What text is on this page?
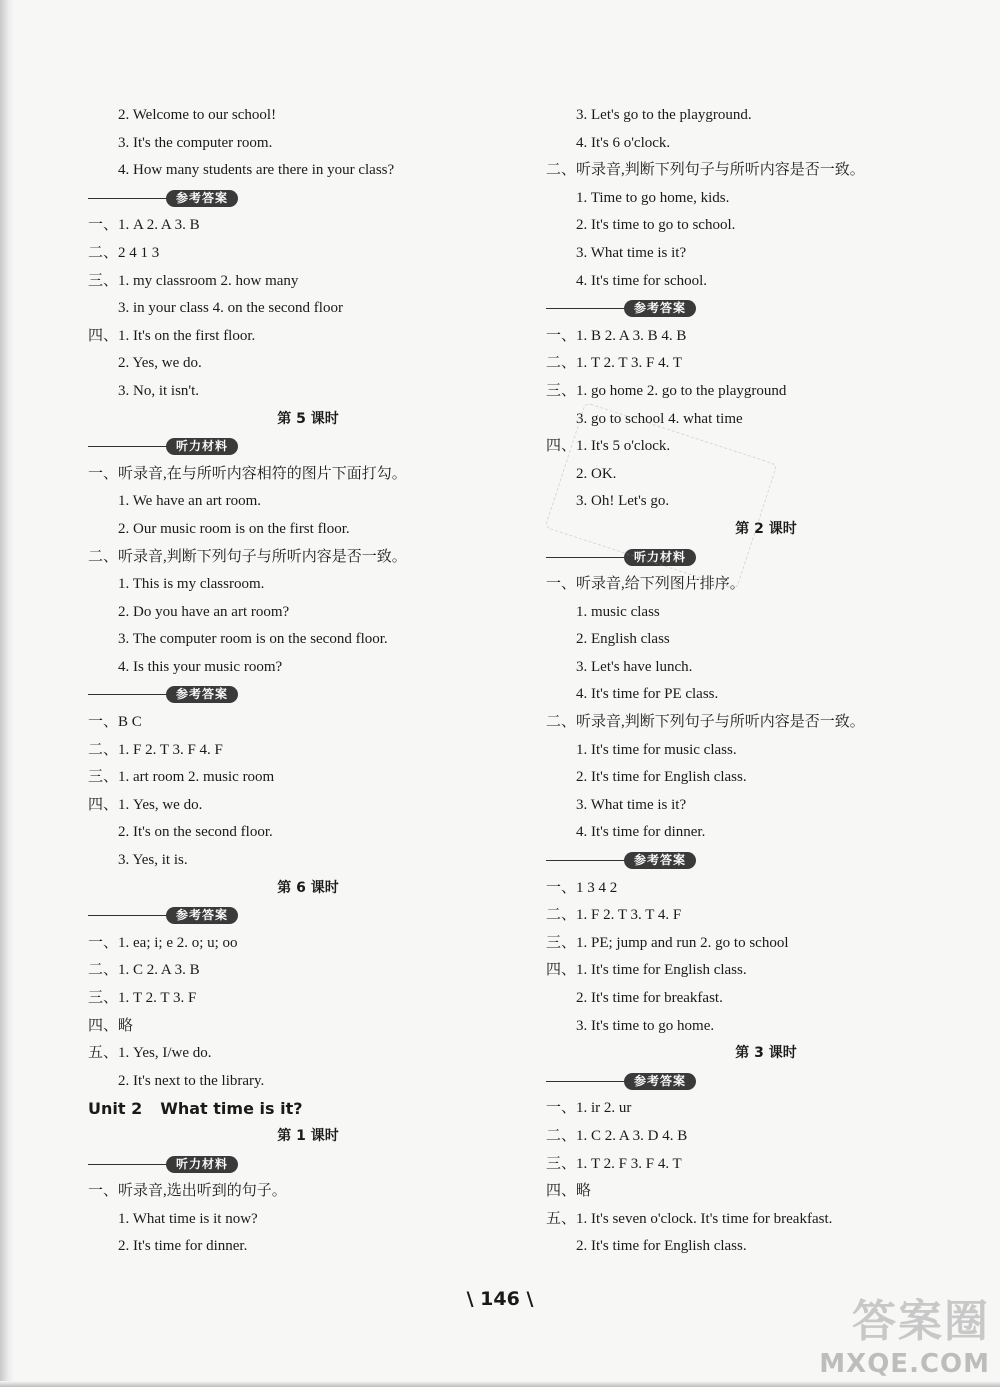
2. Welcome to our school!
3. It's the computer room.
4. How many students are there in your class?
参考答案
一、1. A 2. A 3. B
二、2 4 1 3
三、1. my classroom 2. how many
3. in your class 4. on the second floor
四、1. It's on the first floor.
2. Yes, we do.
3. No, it isn't.
第 5 课时
听力材料
一、听录音,在与所听内容相符的图片下面打勾。
1. We have an art room.
2. Our music room is on the first floor.
二、听录音,判断下列句子与所听内容是否一致。
1. This is my classroom.
2. Do you have an art room?
3. The computer room is on the second floor.
4. Is this your music room?
参考答案
一、B C
二、1. F 2. T 3. F 4. F
三、1. art room 2. music room
四、1. Yes, we do.
2. It's on the second floor.
3. Yes, it is.
第 6 课时
参考答案
一、1. ea; i; e 2. o; u; oo
二、1. C 2. A 3. B
三、1. T 2. T 3. F
四、略
五、1. Yes, I/we do.
2. It's next to the library.
Unit 2 What time is it?
第 1 课时
听力材料
一、听录音,选出听到的句子。
1. What time is it now?
2. It's time for dinner.
3. Let's go to the playground.
4. It's 6 o'clock.
二、听录音,判断下列句子与所听内容是否一致。
1. Time to go home, kids.
2. It's time to go to school.
3. What time is it?
4. It's time for school.
参考答案
一、1. B 2. A 3. B 4. B
二、1. T 2. T 3. F 4. T
三、1. go home 2. go to the playground
3. go to school 4. what time
四、1. It's 5 o'clock.
2. OK.
3. Oh! Let's go.
第 2 课时
听力材料
一、听录音,给下列图片排序。
1. music class
2. English class
3. Let's have lunch.
4. It's time for PE class.
二、听录音,判断下列句子与所听内容是否一致。
1. It's time for music class.
2. It's time for English class.
3. What time is it?
4. It's time for dinner.
参考答案
一、1 3 4 2
二、1. F 2. T 3. T 4. F
三、1. PE; jump and run 2. go to school
四、1. It's time for English class.
2. It's time for breakfast.
3. It's time to go home.
第 3 课时
参考答案
一、1. ir 2. ur
二、1. C 2. A 3. D 4. B
三、1. T 2. F 3. F 4. T
四、略
五、1. It's seven o'clock. It's time for breakfast.
2. It's time for English class.
\ 146 \	答案圈
MXQE.COM
